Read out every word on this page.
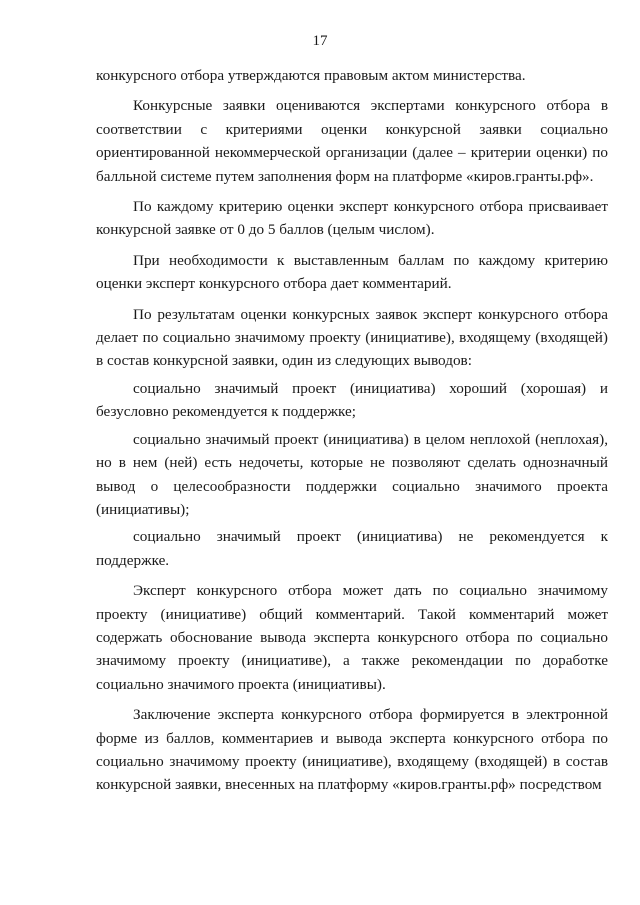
17

конкурсного отбора утверждаются правовым актом министерства.

Конкурсные заявки оцениваются экспертами конкурсного отбора в соответствии с критериями оценки конкурсной заявки социально ориентированной некоммерческой организации (далее – критерии оценки) по балльной системе путем заполнения форм на платформе «киров.гранты.рф».

По каждому критерию оценки эксперт конкурсного отбора присваивает конкурсной заявке от 0 до 5 баллов (целым числом).

При необходимости к выставленным баллам по каждому критерию оценки эксперт конкурсного отбора дает комментарий.

По результатам оценки конкурсных заявок эксперт конкурсного отбора делает по социально значимому проекту (инициативе), входящему (входящей) в состав конкурсной заявки, один из следующих выводов:

социально значимый проект (инициатива) хороший (хорошая) и безусловно рекомендуется к поддержке;

социально значимый проект (инициатива) в целом неплохой (неплохая), но в нем (ней) есть недочеты, которые не позволяют сделать однозначный вывод о целесообразности поддержки социально значимого проекта (инициативы);

социально значимый проект (инициатива) не рекомендуется к поддержке.

Эксперт конкурсного отбора может дать по социально значимому проекту (инициативе) общий комментарий. Такой комментарий может содержать обоснование вывода эксперта конкурсного отбора по социально значимому проекту (инициативе), а также рекомендации по доработке социально значимого проекта (инициативы).

Заключение эксперта конкурсного отбора формируется в электронной форме из баллов, комментариев и вывода эксперта конкурсного отбора по социально значимому проекту (инициативе), входящему (входящей) в состав конкурсной заявки, внесенных на платформу «киров.гранты.рф» посредством
